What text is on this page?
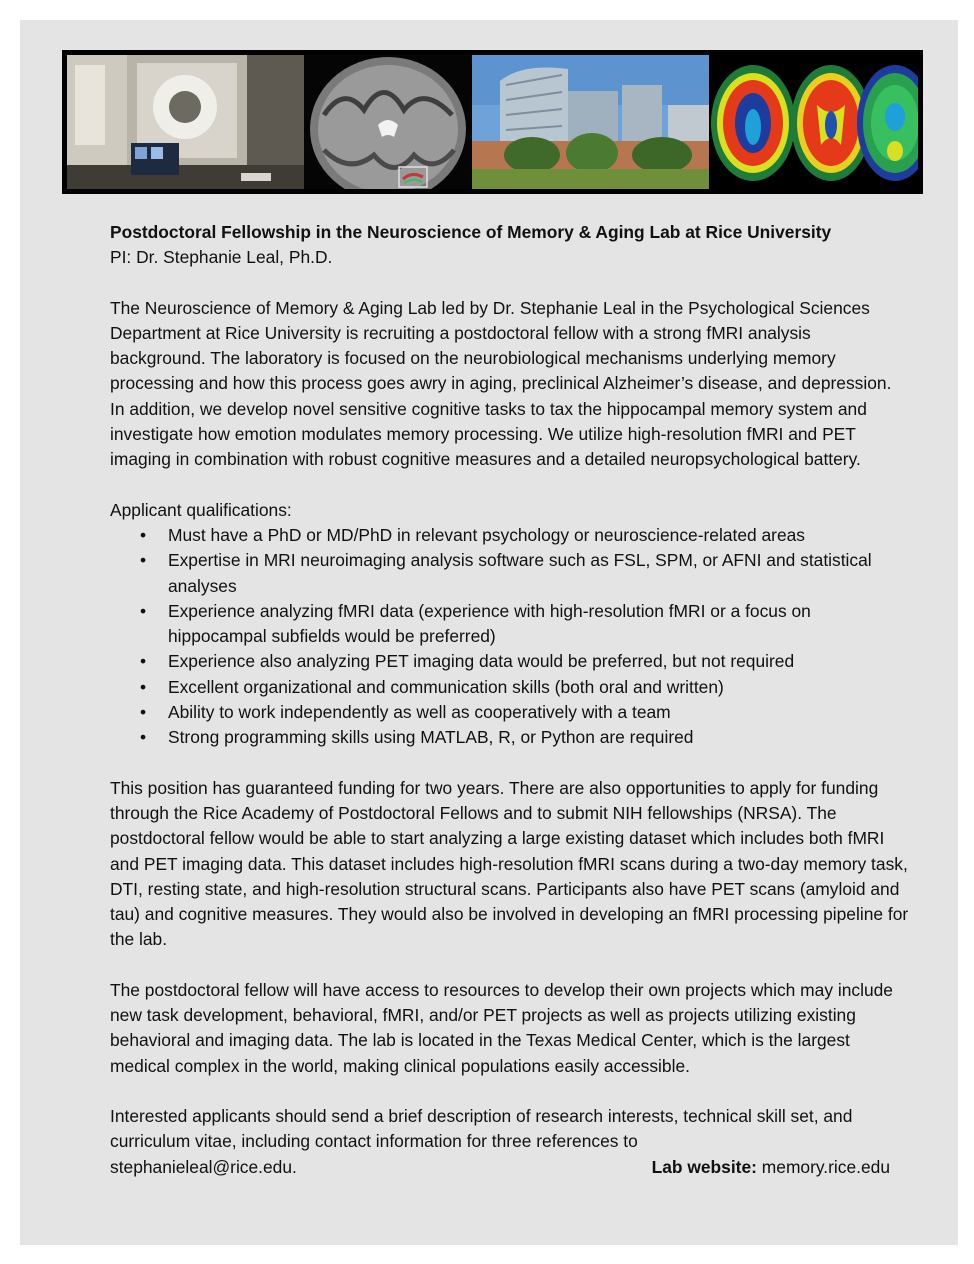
Postdoctoral Fellowship in the Neuroscience of Memory & Aging Lab at Rice University

PI: Dr. Stephanie Leal, Ph.D.

The Neuroscience of Memory & Aging Lab led by Dr. Stephanie Leal in the Psychological Sciences Department at Rice University is recruiting a postdoctoral fellow with a strong fMRI analysis background. The laboratory is focused on the neurobiological mechanisms underlying memory processing and how this process goes awry in aging, preclinical Alzheimer’s disease, and depression. In addition, we develop novel sensitive cognitive tasks to tax the hippocampal memory system and investigate how emotion modulates memory processing. We utilize high-resolution fMRI and PET imaging in combination with robust cognitive measures and a detailed neuropsychological battery.

Applicant qualifications:

• Must have a PhD or MD/PhD in relevant psychology or neuroscience-related areas
• Expertise in MRI neuroimaging analysis software such as FSL, SPM, or AFNI and statistical analyses
• Experience analyzing fMRI data (experience with high-resolution fMRI or a focus on hippocampal subfields would be preferred)
• Experience also analyzing PET imaging data would be preferred, but not required
• Excellent organizational and communication skills (both oral and written)
• Ability to work independently as well as cooperatively with a team
• Strong programming skills using MATLAB, R, or Python are required

This position has guaranteed funding for two years. There are also opportunities to apply for funding through the Rice Academy of Postdoctoral Fellows and to submit NIH fellowships (NRSA). The postdoctoral fellow would be able to start analyzing a large existing dataset which includes both fMRI and PET imaging data. This dataset includes high-resolution fMRI scans during a two-day memory task, DTI, resting state, and high-resolution structural scans. Participants also have PET scans (amyloid and tau) and cognitive measures. They would also be involved in developing an fMRI processing pipeline for the lab.

The postdoctoral fellow will have access to resources to develop their own projects which may include new task development, behavioral, fMRI, and/or PET projects as well as projects utilizing existing behavioral and imaging data. The lab is located in the Texas Medical Center, which is the largest medical complex in the world, making clinical populations easily accessible.

Interested applicants should send a brief description of research interests, technical skill set, and curriculum vitae, including contact information for three references to

stephanieleal@rice.edu.	Lab website: memory.rice.edu
